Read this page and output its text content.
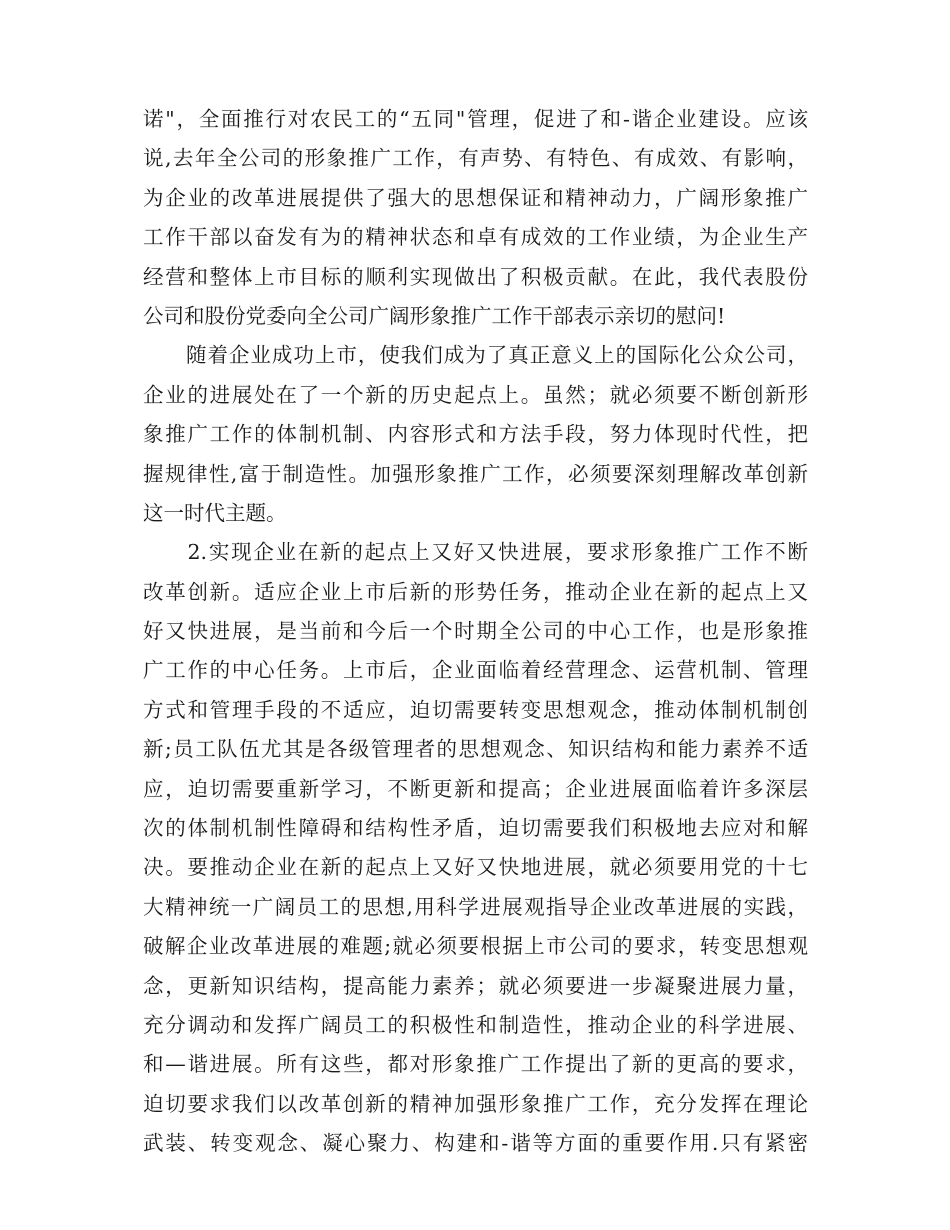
诺"，全面推行对农民工的“五同"管理，促进了和-谐企业建设。应该
说,去年全公司的形象推广工作，有声势、有特色、有成效、有影响，
为企业的改革进展提供了强大的思想保证和精神动力，广阔形象推广
工作干部以奋发有为的精神状态和卓有成效的工作业绩，为企业生产
经营和整体上市目标的顺利实现做出了积极贡献。在此，我代表股份
公司和股份党委向全公司广阔形象推广工作干部表示亲切的慰问!
　　随着企业成功上市，使我们成为了真正意义上的国际化公众公司，
企业的进展处在了一个新的历史起点上。虽然；就必须要不断创新形
象推广工作的体制机制、内容形式和方法手段，努力体现时代性，把
握规律性,富于制造性。加强形象推广工作，必须要深刻理解改革创新
这一时代主题。
　　2.实现企业在新的起点上又好又快进展，要求形象推广工作不断
改革创新。适应企业上市后新的形势任务，推动企业在新的起点上又
好又快进展，是当前和今后一个时期全公司的中心工作，也是形象推
广工作的中心任务。上市后，企业面临着经营理念、运营机制、管理
方式和管理手段的不适应，迫切需要转变思想观念，推动体制机制创
新;员工队伍尤其是各级管理者的思想观念、知识结构和能力素养不适
应，迫切需要重新学习，不断更新和提高；企业进展面临着许多深层
次的体制机制性障碍和结构性矛盾，迫切需要我们积极地去应对和解
决。要推动企业在新的起点上又好又快地进展，就必须要用党的十七
大精神统一广阔员工的思想,用科学进展观指导企业改革进展的实践，
破解企业改革进展的难题;就必须要根据上市公司的要求，转变思想观
念，更新知识结构，提高能力素养；就必须要进一步凝聚进展力量，
充分调动和发挥广阔员工的积极性和制造性，推动企业的科学进展、
和—谐进展。所有这些，都对形象推广工作提出了新的更高的要求，
迫切要求我们以改革创新的精神加强形象推广工作，充分发挥在理论
武装、转变观念、凝心聚力、构建和-谐等方面的重要作用.只有紧密
